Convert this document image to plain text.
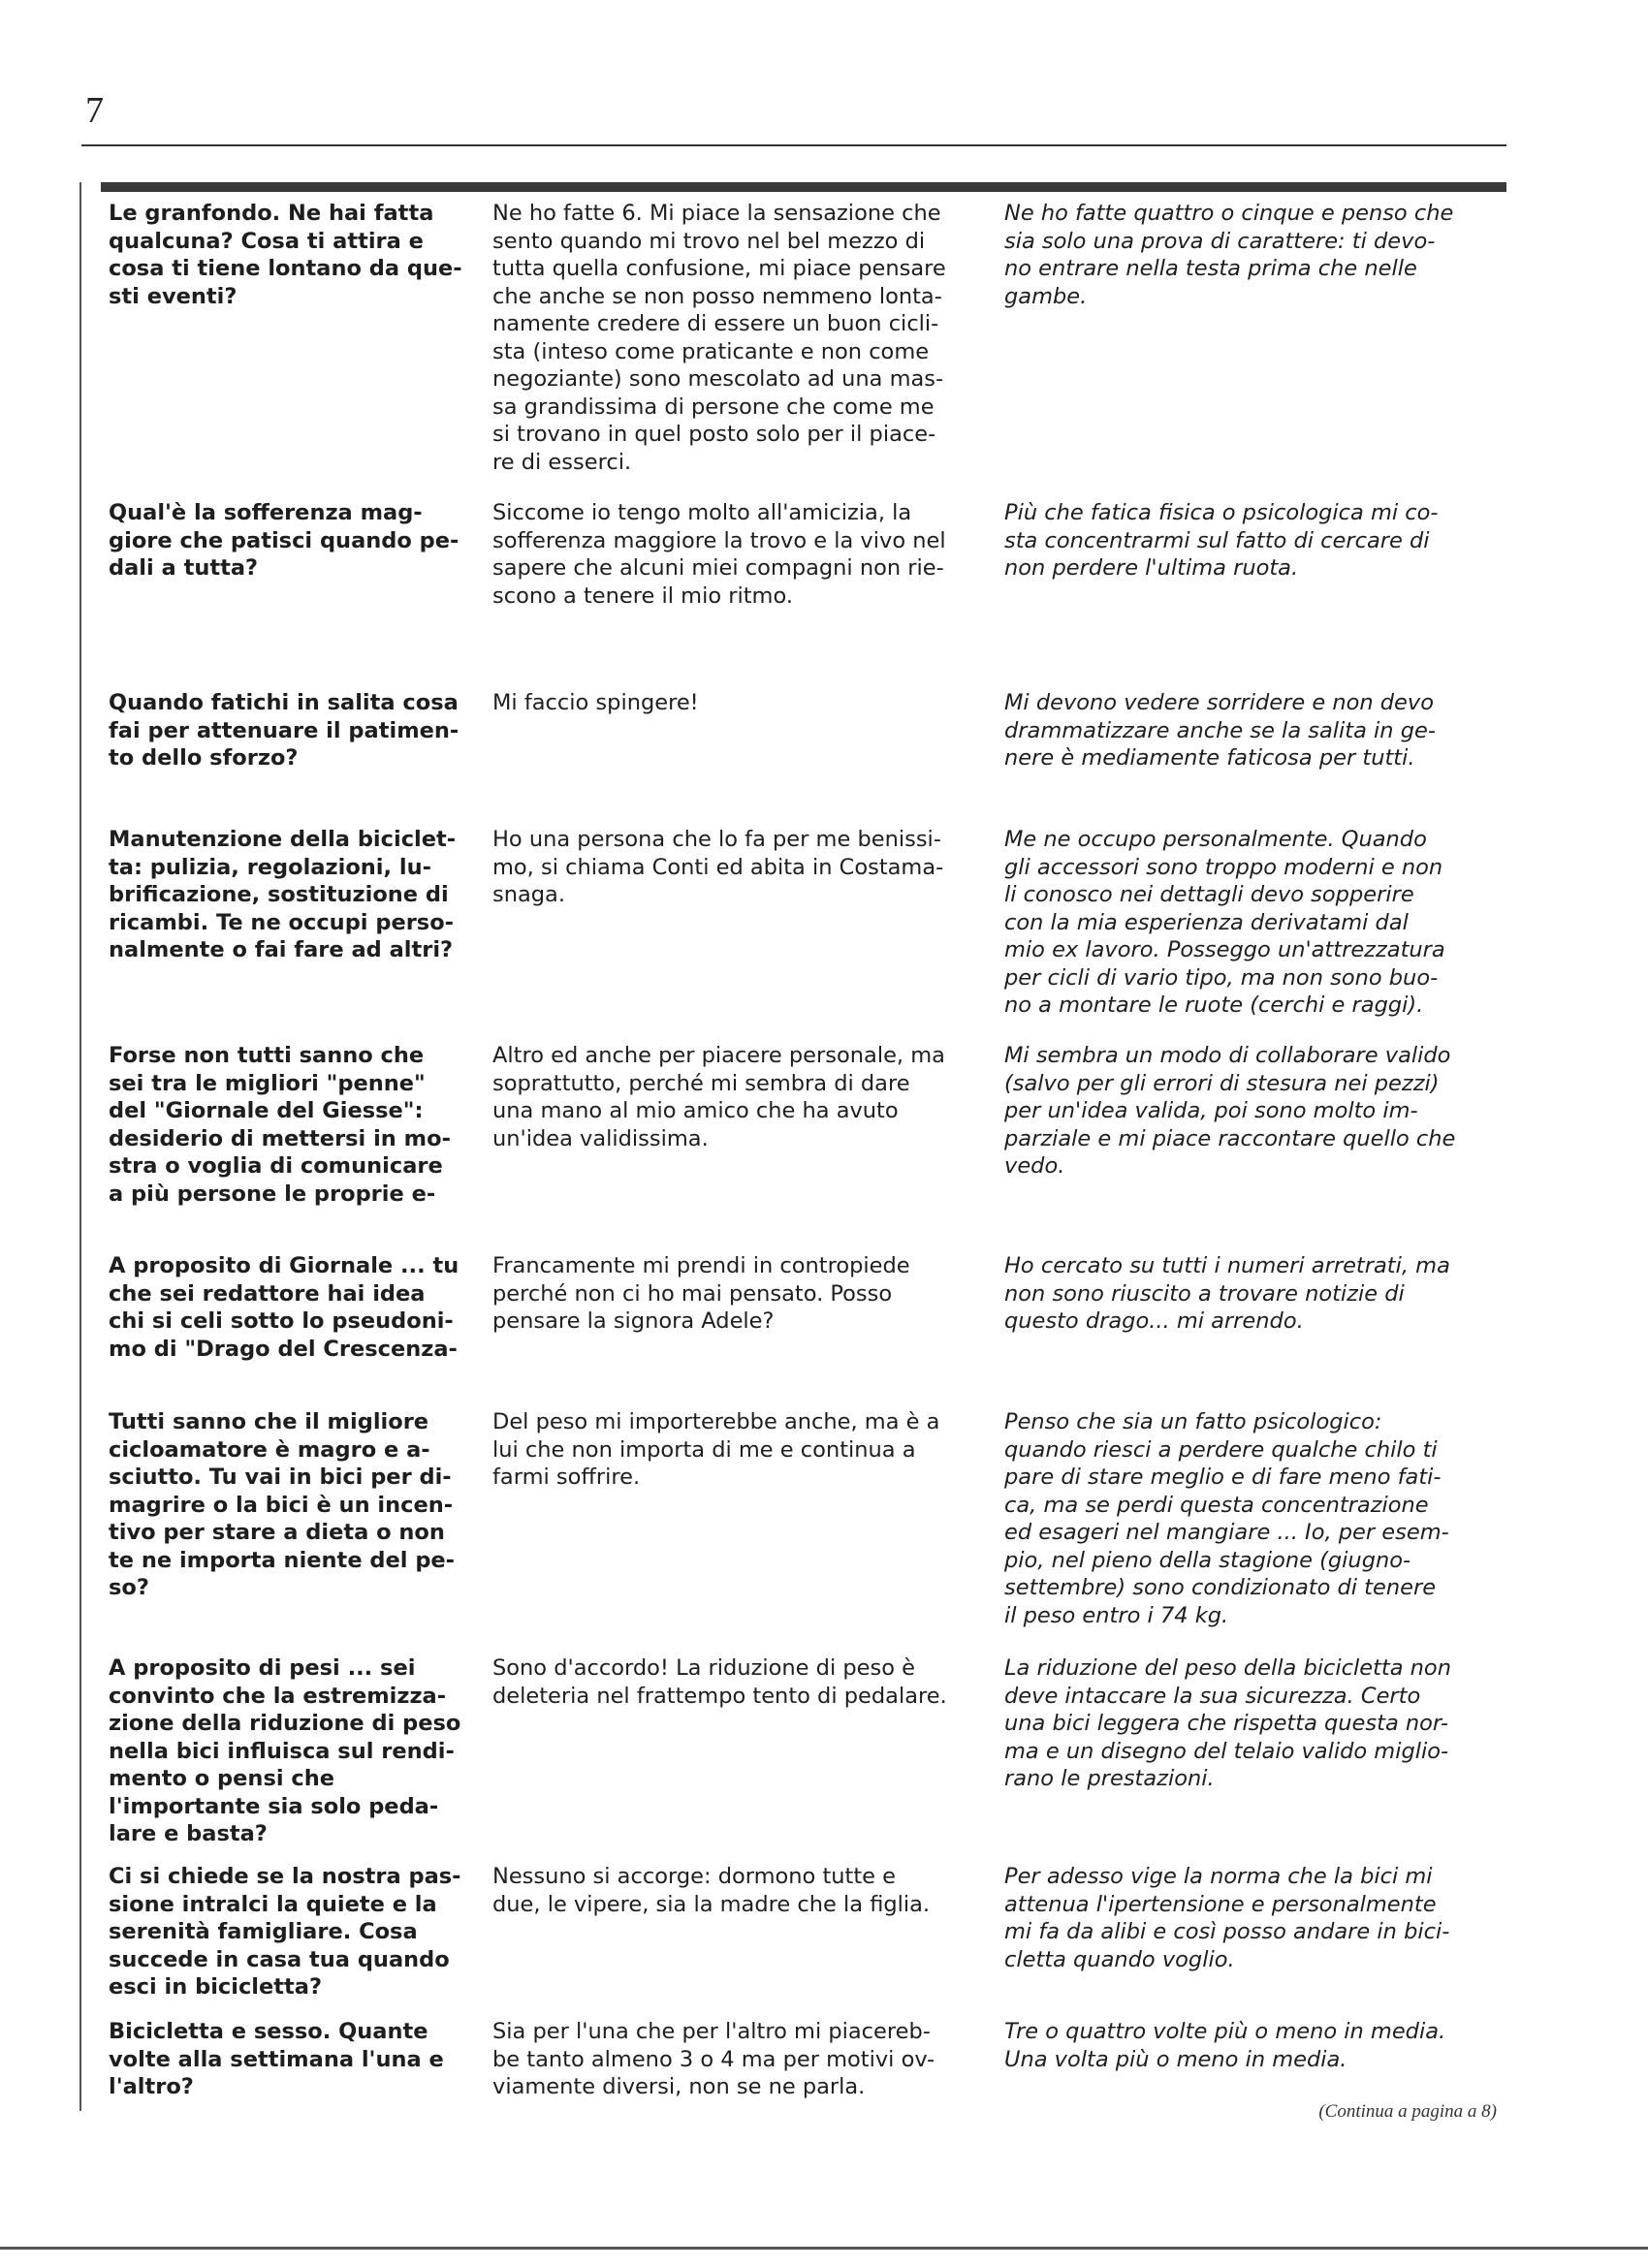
7

Le granfondo. Ne hai fatta
qualcuna? Cosa ti attira e
cosa ti tiene lontano da que-
sti eventi?

Ne ho fatte 6. Mi piace la sensazione che
sento quando mi trovo nel bel mezzo di
tutta quella confusione, mi piace pensare
che anche se non posso nemmeno lonta-
namente credere di essere un buon cicli-
sta (inteso come praticante e non come
negoziante) sono mescolato ad una mas-
sa grandissima di persone che come me
si trovano in quel posto solo per il piace-
re di esserci.

Ne ho fatte quattro o cinque e penso che
sia solo una prova di carattere: ti devo-
no entrare nella testa prima che nelle
gambe.

Qual'è la sofferenza mag-
giore che patisci quando pe-
dali a tutta?

Siccome io tengo molto all'amicizia, la
sofferenza maggiore la trovo e la vivo nel
sapere che alcuni miei compagni non rie-
scono a tenere il mio ritmo.

Più che fatica fisica o psicologica mi co-
sta concentrarmi sul fatto di cercare di
non perdere l'ultima ruota.

Quando fatichi in salita cosa
fai per attenuare il patimen-
to dello sforzo?

Mi faccio spingere!	Mi devono vedere sorridere e non devo
drammatizzare anche se la salita in ge-
nere è mediamente faticosa per tutti.

Manutenzione della biciclet-
ta: pulizia, regolazioni, lu-
brificazione, sostituzione di
ricambi. Te ne occupi perso-
nalmente o fai fare ad altri?

Ho una persona che lo fa per me benissi-
mo, si chiama Conti ed abita in Costama-
snaga.

Me ne occupo personalmente. Quando
gli accessori sono troppo moderni e non
li conosco nei dettagli devo sopperire
con la mia esperienza derivatami dal
mio ex lavoro. Posseggo un'attrezzatura
per cicli di vario tipo, ma non sono buo-
no a montare le ruote (cerchi e raggi).

Forse non tutti sanno che
sei tra le migliori "penne"
del "Giornale del Giesse":
desiderio di mettersi in mo-
stra o voglia di comunicare
a più persone le proprie e-

Altro ed anche per piacere personale, ma
soprattutto, perché mi sembra di dare
una mano al mio amico che ha avuto
un'idea validissima.

Mi sembra un modo di collaborare valido
(salvo per gli errori di stesura nei pezzi)
per un'idea valida, poi sono molto im-
parziale e mi piace raccontare quello che
vedo.

A proposito di Giornale ... tu
che sei redattore hai idea
chi si celi sotto lo pseudoni-
mo di "Drago del Crescenza-

Francamente mi prendi in contropiede
perché non ci ho mai pensato. Posso
pensare la signora Adele?

Ho cercato su tutti i numeri arretrati, ma
non sono riuscito a trovare notizie di
questo drago... mi arrendo.

Tutti sanno che il migliore
cicloamatore è magro e a-
sciutto. Tu vai in bici per di-
magrire o la bici è un incen-
tivo per stare a dieta o non
te ne importa niente del pe-
so?

Del peso mi importerebbe anche, ma è a
lui che non importa di me e continua a
farmi soffrire.

Penso che sia un fatto psicologico:
quando riesci a perdere qualche chilo ti
pare di stare meglio e di fare meno fati-
ca, ma se perdi questa concentrazione
ed esageri nel mangiare ... Io, per esem-
pio, nel pieno della stagione (giugno-
settembre) sono condizionato di tenere
il peso entro i 74 kg.

A proposito di pesi ... sei
convinto che la estremizza-
zione della riduzione di peso
nella bici influisca sul rendi-
mento o pensi che
l'importante sia solo peda-
lare e basta?

Sono d'accordo! La riduzione di peso è
deleteria nel frattempo tento di pedalare.

La riduzione del peso della bicicletta non
deve intaccare la sua sicurezza. Certo
una bici leggera che rispetta questa nor-
ma e un disegno del telaio valido miglio-
rano le prestazioni.

Ci si chiede se la nostra pas-
sione intralci la quiete e la
serenità famigliare. Cosa
succede in casa tua quando
esci in bicicletta?

Nessuno si accorge: dormono tutte e
due, le vipere, sia la madre che la figlia.

Per adesso vige la norma che la bici mi
attenua l'ipertensione e personalmente
mi fa da alibi e così posso andare in bici-
cletta quando voglio.

Bicicletta e sesso. Quante
volte alla settimana l'una e
l'altro?

Sia per l'una che per l'altro mi piacereb-
be tanto almeno 3 o 4 ma per motivi ov-
viamente diversi, non se ne parla.

Tre o quattro volte più o meno in media.
Una volta più o meno in media.

(Continua a pagina a 8)
